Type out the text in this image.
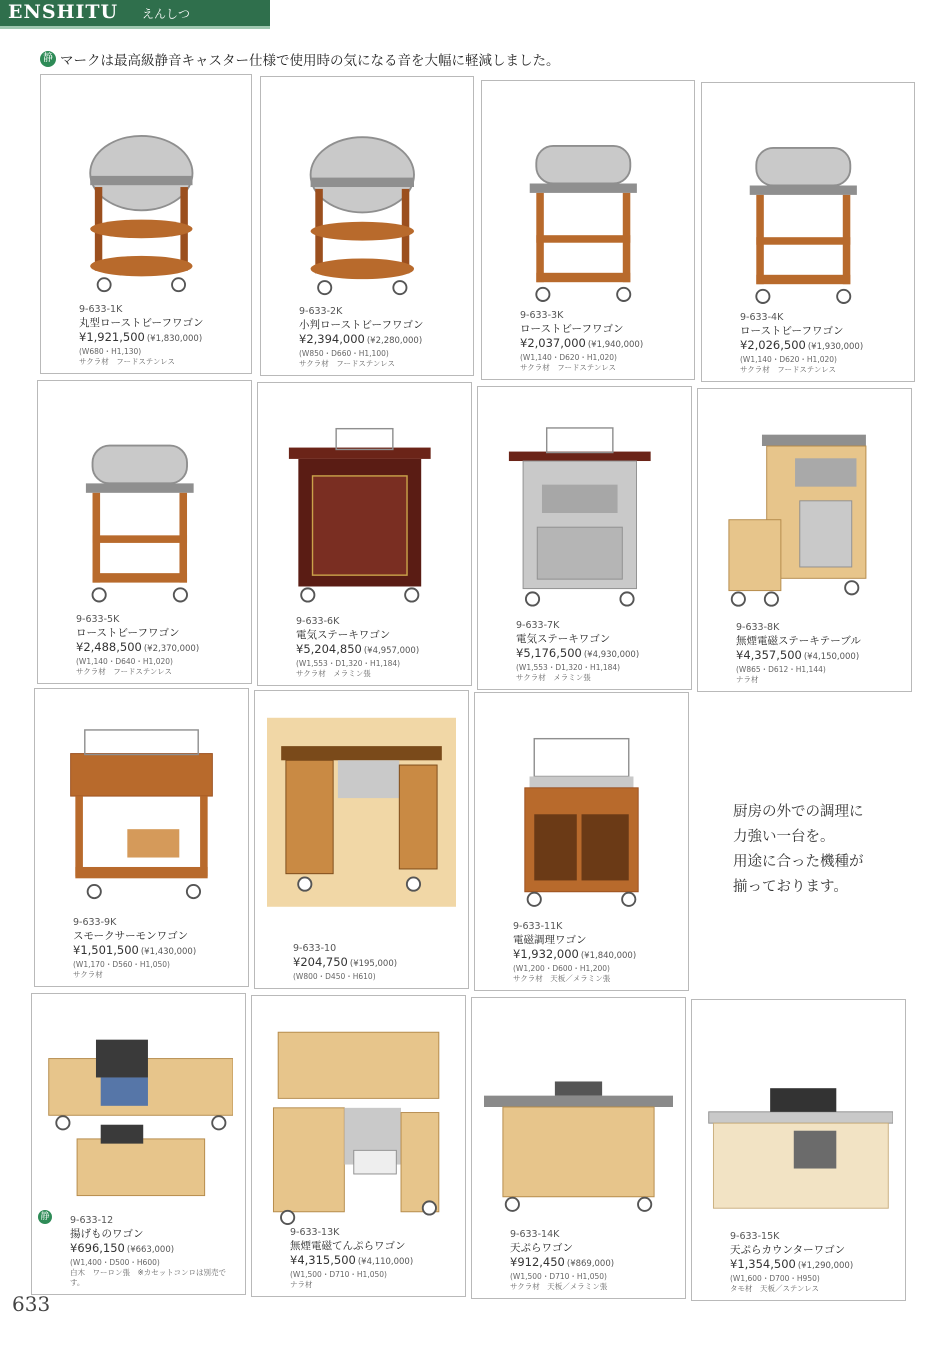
ENSHITU えんしつ
静 マークは最高級静音キャスター仕様で使用時の気になる音を大幅に軽減しました。
9-633-1K
丸型ローストビーフワゴン
¥1,921,500 (¥1,830,000)
(W680・H1,130)
サクラ材　フードステンレス
9-633-2K
小判ローストビーフワゴン
¥2,394,000 (¥2,280,000)
(W850・D660・H1,100)
サクラ材　フードステンレス
9-633-3K
ローストビーフワゴン
¥2,037,000 (¥1,940,000)
(W1,140・D620・H1,020)
サクラ材　フードステンレス
9-633-4K
ローストビーフワゴン
¥2,026,500 (¥1,930,000)
(W1,140・D620・H1,020)
サクラ材　フードステンレス
9-633-5K
ローストビーフワゴン
¥2,488,500 (¥2,370,000)
(W1,140・D640・H1,020)
サクラ材　フードステンレス
9-633-6K
電気ステーキワゴン
¥5,204,850 (¥4,957,000)
(W1,553・D1,320・H1,184)
サクラ材　メラミン張
9-633-7K
電気ステーキワゴン
¥5,176,500 (¥4,930,000)
(W1,553・D1,320・H1,184)
サクラ材　メラミン張
9-633-8K
無煙電磁ステーキテーブル
¥4,357,500 (¥4,150,000)
(W865・D612・H1,144)
ナラ材
9-633-9K
スモークサーモンワゴン
¥1,501,500 (¥1,430,000)
(W1,170・D560・H1,050)
サクラ材
9-633-10
¥204,750 (¥195,000)
(W800・D450・H610)
9-633-11K
電磁調理ワゴン
¥1,932,000 (¥1,840,000)
(W1,200・D600・H1,200)
サクラ材　天板／メラミン張
静 9-633-12
揚げものワゴン
¥696,150 (¥663,000)
(W1,400・D500・H600)
白木　ワーロン張　※カセットコンロは別売です。
9-633-13K
無煙電磁てんぷらワゴン
¥4,315,500 (¥4,110,000)
(W1,500・D710・H1,050)
ナラ材
9-633-14K
天ぷらワゴン
¥912,450 (¥869,000)
(W1,500・D710・H1,050)
サクラ材　天板／メラミン張
9-633-15K
天ぷらカウンターワゴン
¥1,354,500 (¥1,290,000)
(W1,600・D700・H950)
タモ材　天板／ステンレス
厨房の外での調理に
力強い一台を。
用途に合った機種が
揃っております。
633
